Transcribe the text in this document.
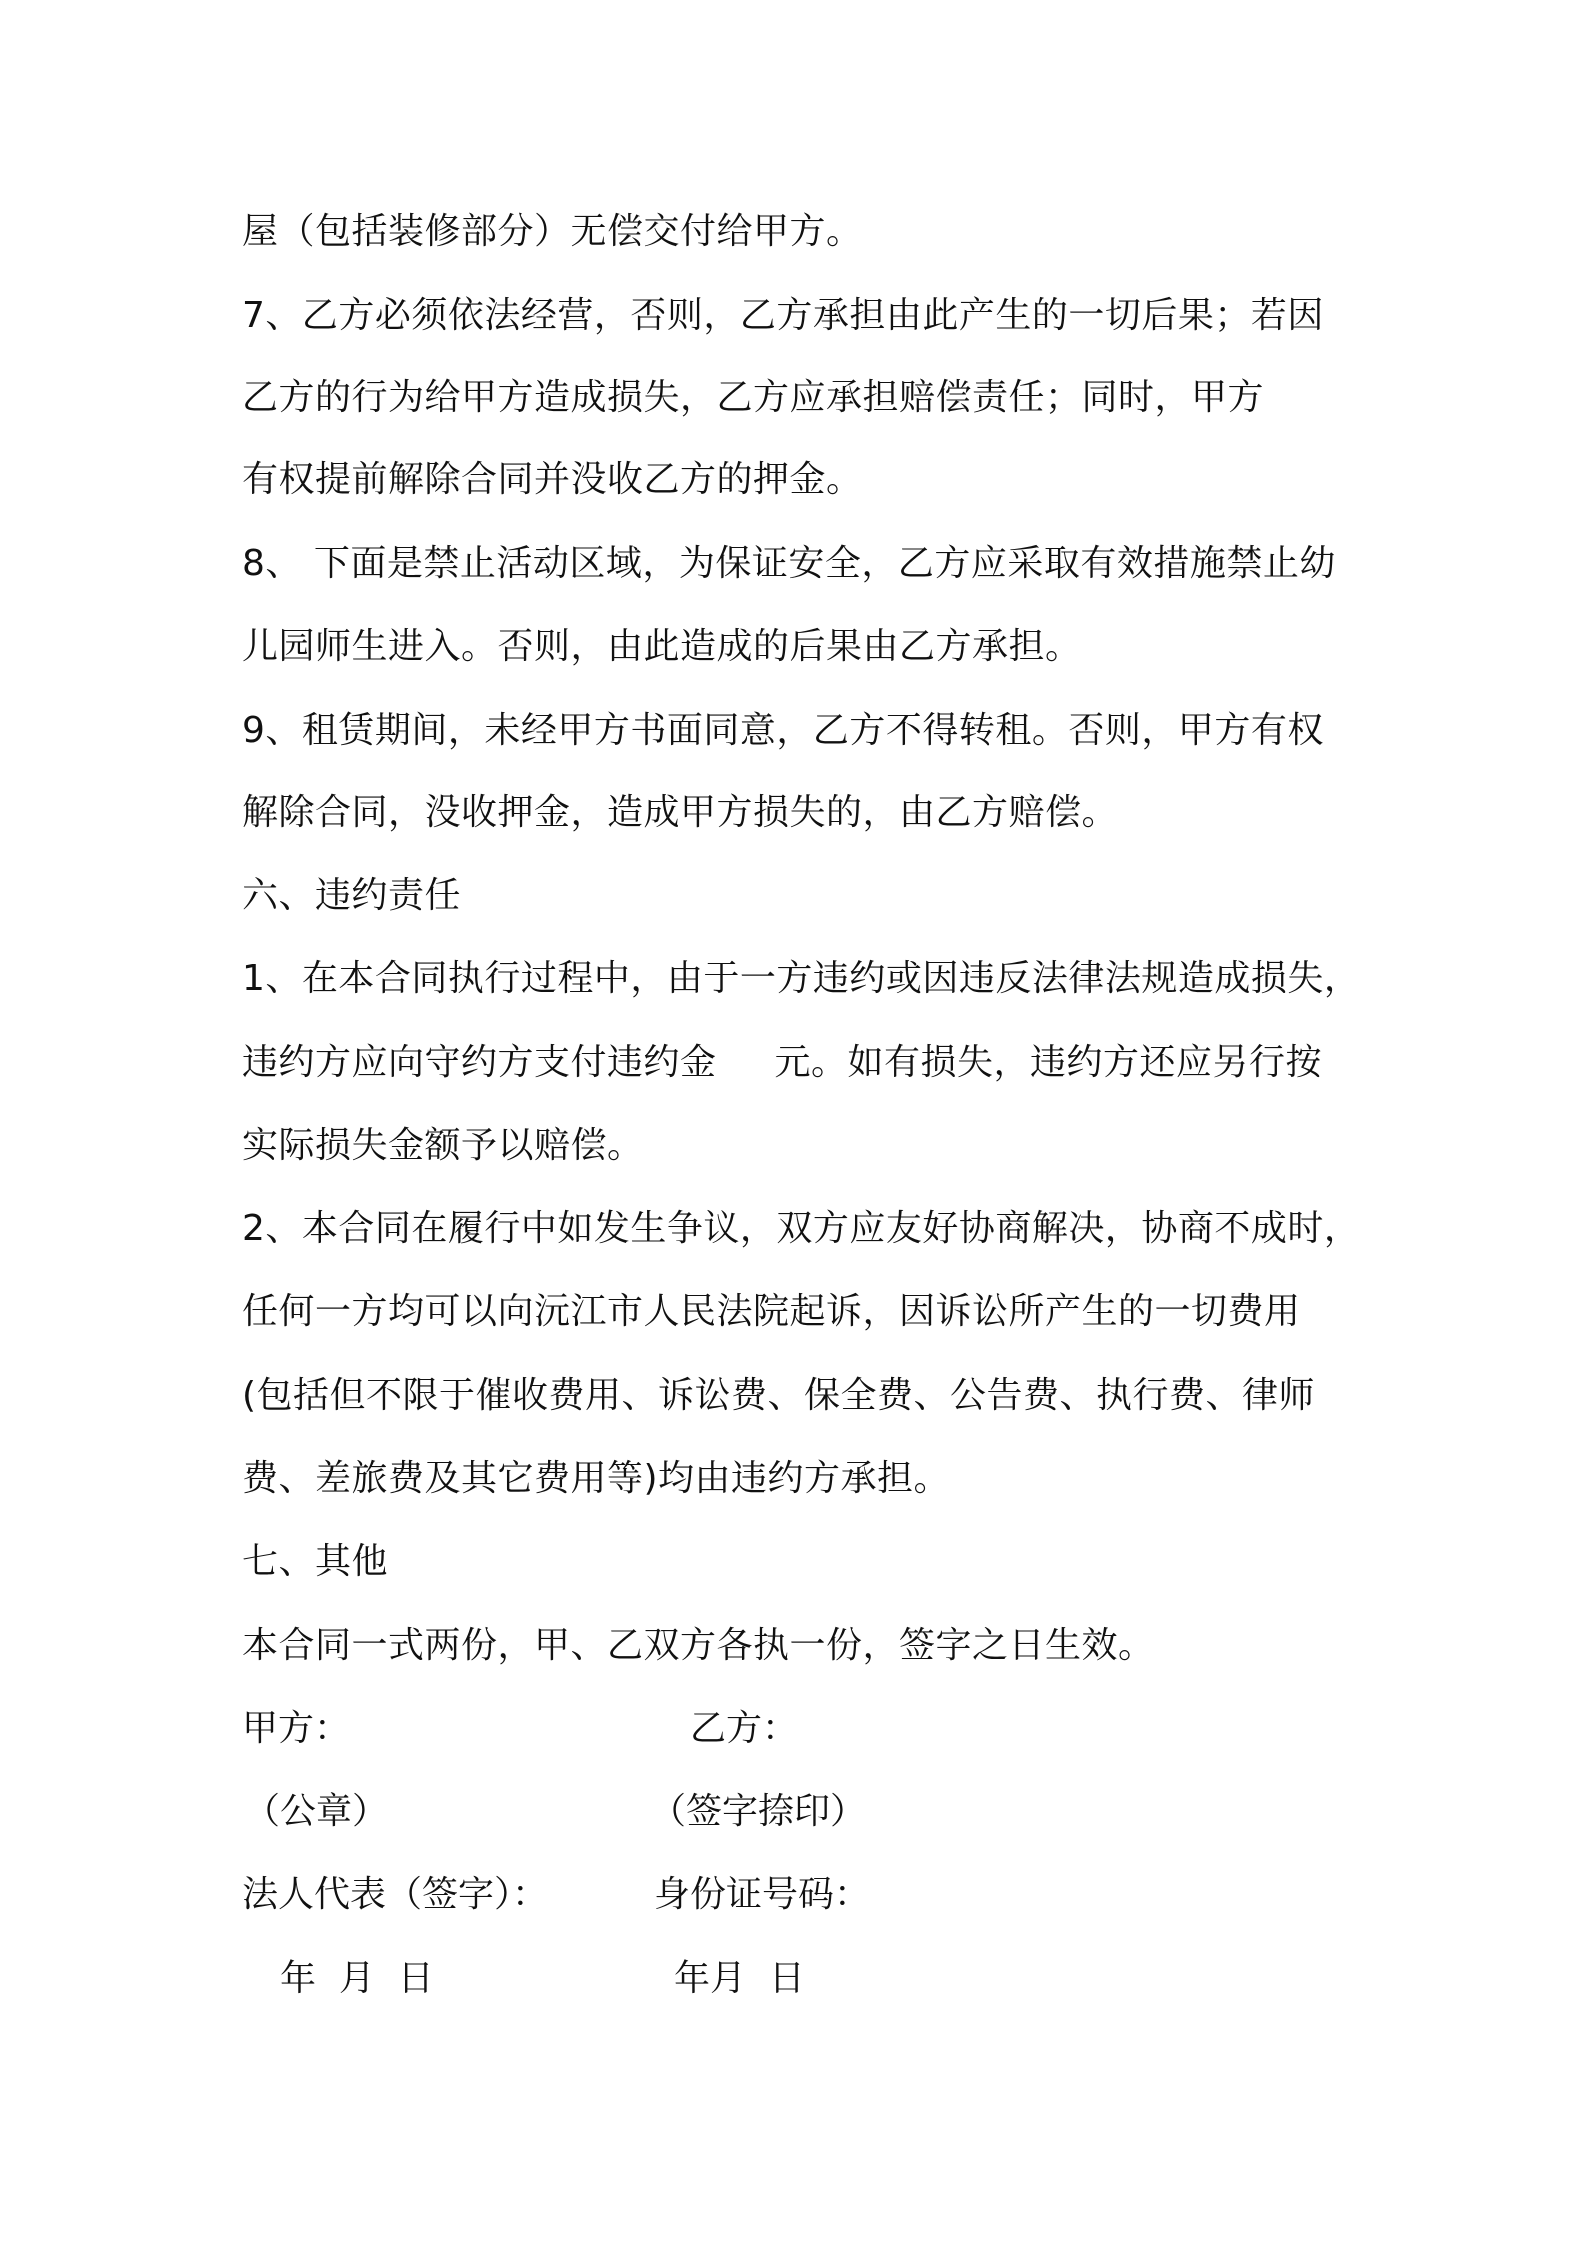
屋（包括装修部分）无偿交付给甲方。
7、乙方必须依法经营，否则，乙方承担由此产生的一切后果；若因
乙方的行为给甲方造成损失，乙方应承担赔偿责任；同时，甲方
有权提前解除合同并没收乙方的押金。
8、 下面是禁止活动区域，为保证安全，乙方应采取有效措施禁止幼
儿园师生进入。否则，由此造成的后果由乙方承担。
9、租赁期间，未经甲方书面同意，乙方不得转租。否则，甲方有权
解除合同，没收押金，造成甲方损失的，由乙方赔偿。
六、违约责任
1、在本合同执行过程中，由于一方违约或因违反法律法规造成损失，
违约方应向守约方支付违约金 元。如有损失，违约方还应另行按
实际损失金额予以赔偿。
2、本合同在履行中如发生争议，双方应友好协商解决，协商不成时，
任何一方均可以向沅江市人民法院起诉，因诉讼所产生的一切费用
(包括但不限于催收费用、诉讼费、保全费、公告费、执行费、律师
费、差旅费及其它费用等)均由违约方承担。
七、其他
本合同一式两份，甲、乙双方各执一份，签字之日生效。
甲方：	乙方：
（公章）	（签字捺印）
法人代表（签字）：	身份证号码：
年  月  日	年月  日
